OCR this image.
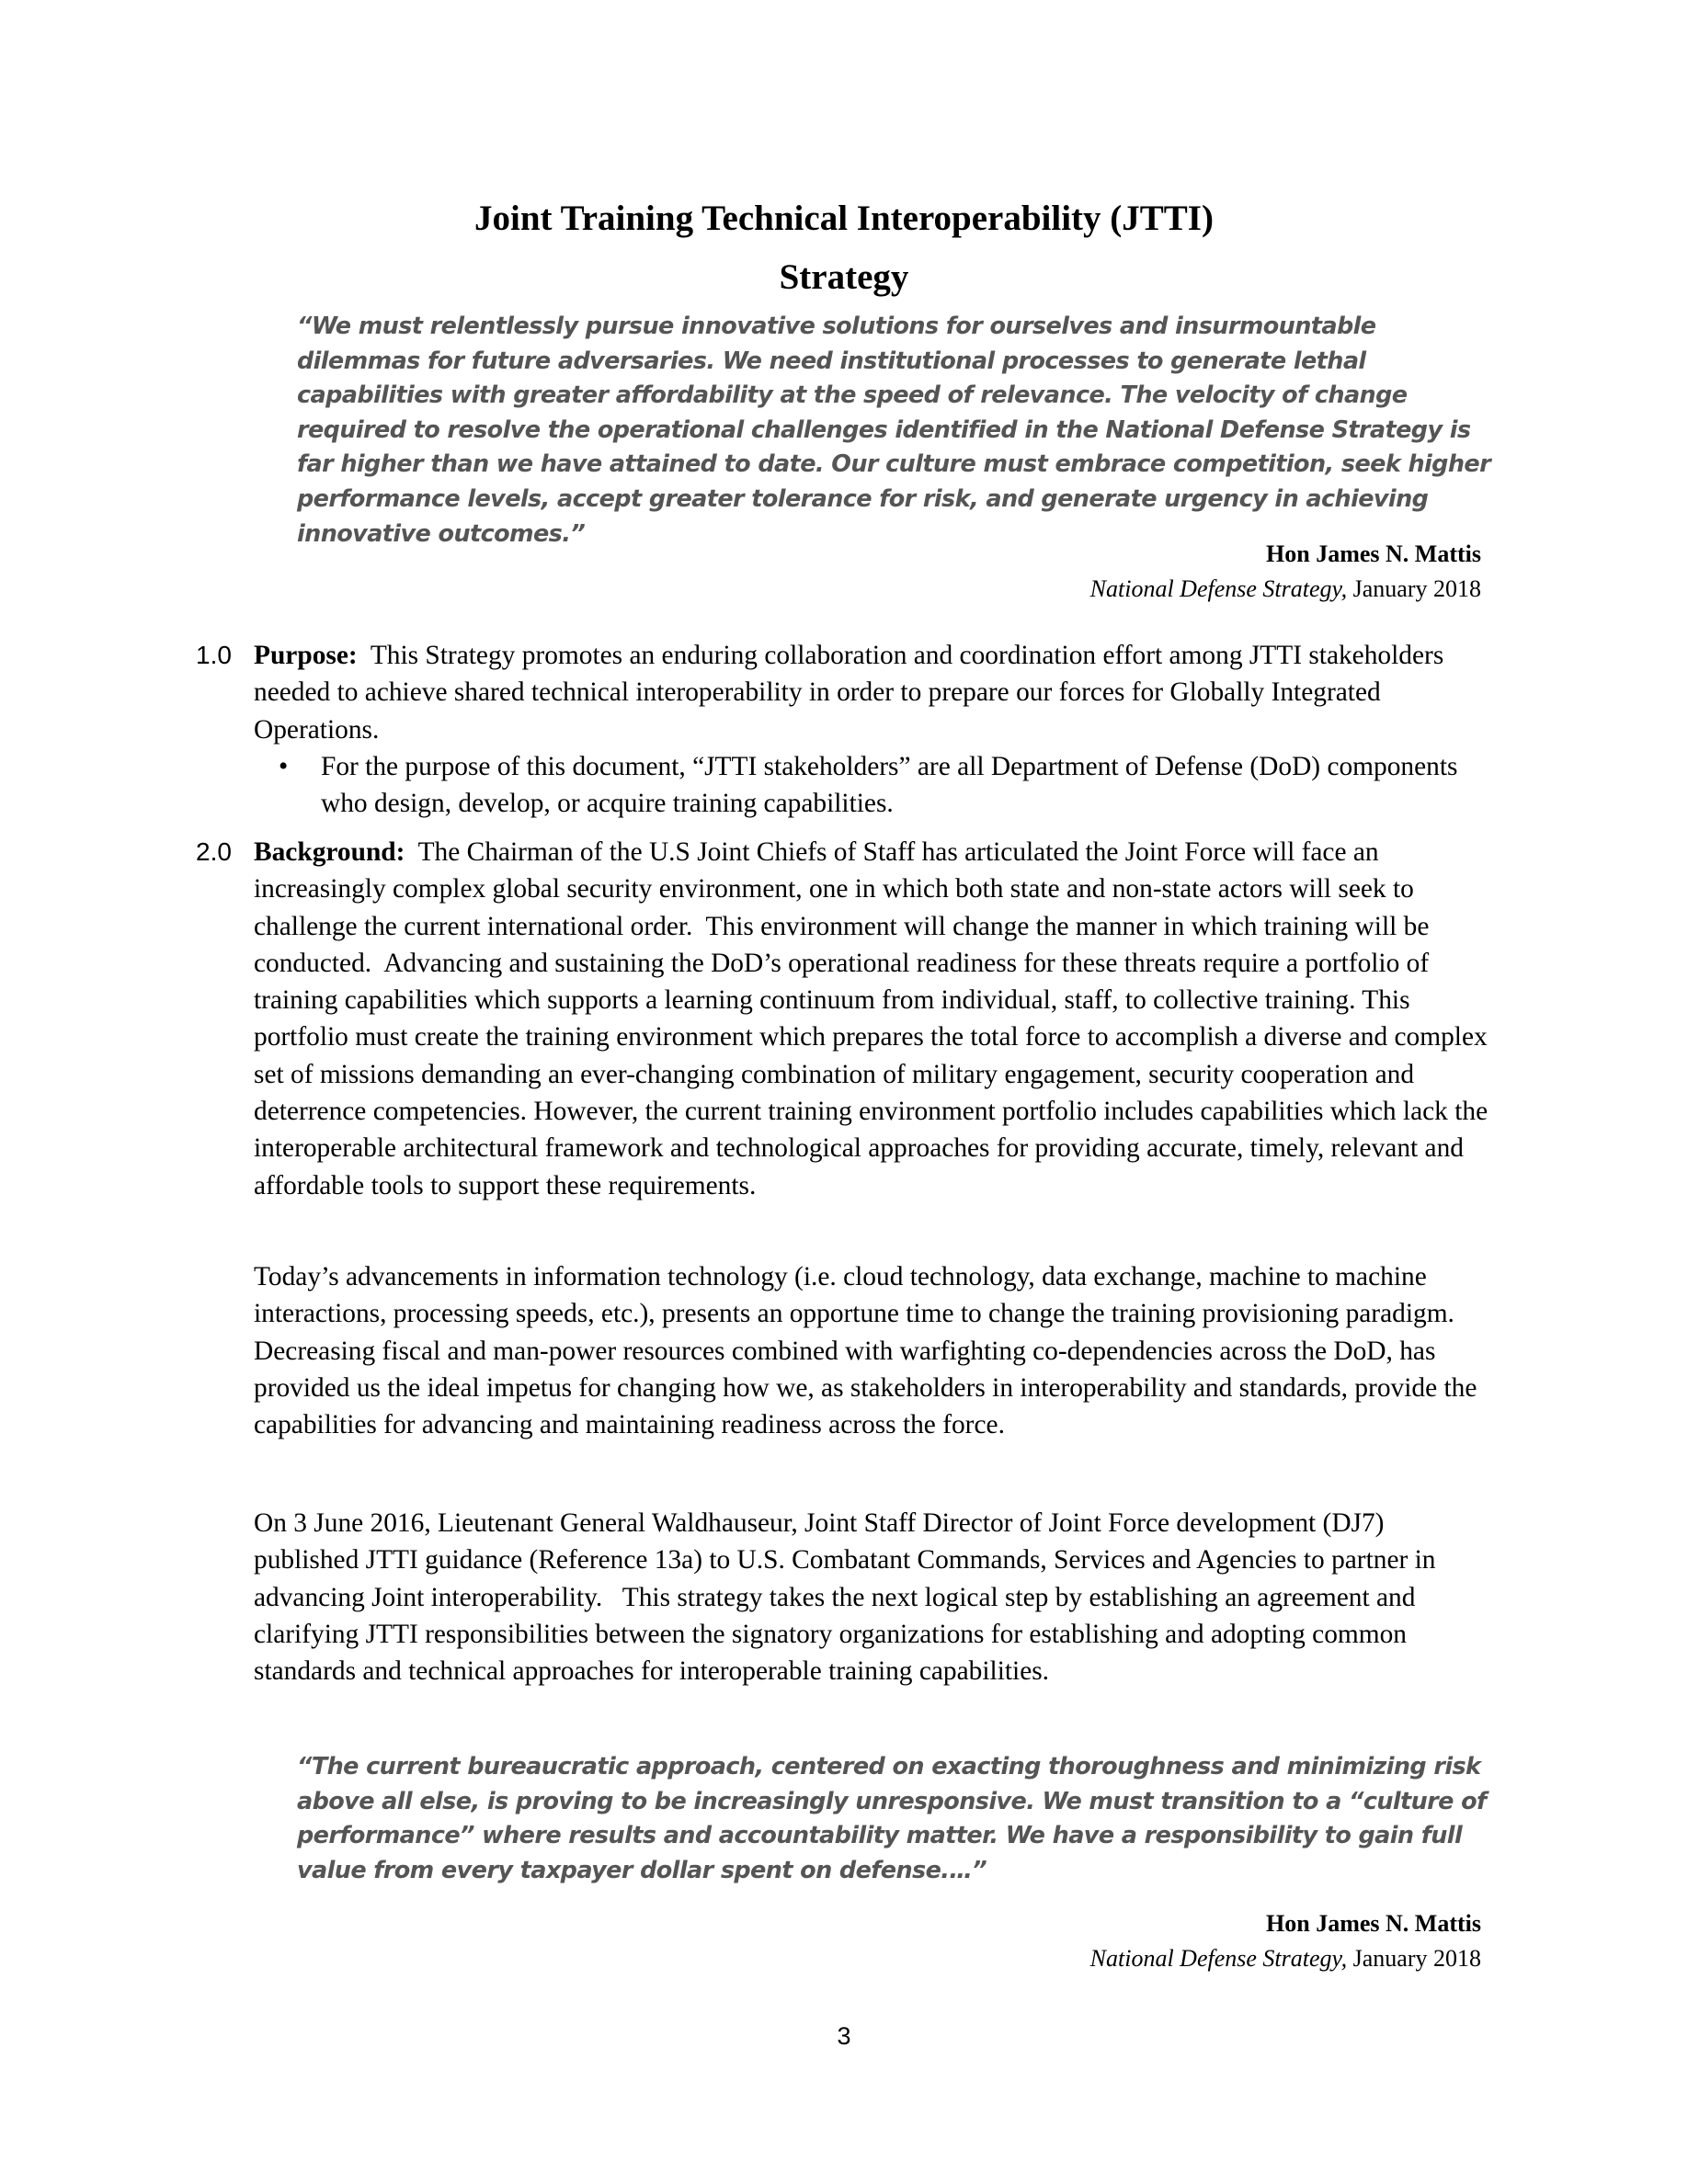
Joint Training Technical Interoperability (JTTI)
Strategy

“We must relentlessly pursue innovative solutions for ourselves and insurmountable dilemmas for future adversaries. We need institutional processes to generate lethal capabilities with greater affordability at the speed of relevance. The velocity of change required to resolve the operational challenges identified in the National Defense Strategy is far higher than we have attained to date. Our culture must embrace competition, seek higher performance levels, accept greater tolerance for risk, and generate urgency in achieving innovative outcomes.”

Hon James N. Mattis
National Defense Strategy, January 2018
1.0 Purpose:  This Strategy promotes an enduring collaboration and coordination effort among JTTI stakeholders needed to achieve shared technical interoperability in order to prepare our forces for Globally Integrated Operations.

• For the purpose of this document, “JTTI stakeholders” are all Department of Defense (DoD) components who design, develop, or acquire training capabilities.

2.0 Background:  The Chairman of the U.S Joint Chiefs of Staff has articulated the Joint Force will face an increasingly complex global security environment, one in which both state and non-state actors will seek to challenge the current international order.  This environment will change the manner in which training will be conducted.  Advancing and sustaining the DoD’s operational readiness for these threats require a portfolio of training capabilities which supports a learning continuum from individual, staff, to collective training. This portfolio must create the training environment which prepares the total force to accomplish a diverse and complex set of missions demanding an ever-changing combination of military engagement, security cooperation and deterrence competencies. However, the current training environment portfolio includes capabilities which lack the interoperable architectural framework and technological approaches for providing accurate, timely, relevant and affordable tools to support these requirements.

Today’s advancements in information technology (i.e. cloud technology, data exchange, machine to machine interactions, processing speeds, etc.), presents an opportune time to change the training provisioning paradigm. Decreasing fiscal and man-power resources combined with warfighting co-dependencies across the DoD, has provided us the ideal impetus for changing how we, as stakeholders in interoperability and standards, provide the capabilities for advancing and maintaining readiness across the force.

On 3 June 2016, Lieutenant General Waldhauseur, Joint Staff Director of Joint Force development (DJ7) published JTTI guidance (Reference 13a) to U.S. Combatant Commands, Services and Agencies to partner in advancing Joint interoperability.   This strategy takes the next logical step by establishing an agreement and clarifying JTTI responsibilities between the signatory organizations for establishing and adopting common standards and technical approaches for interoperable training capabilities.

“The current bureaucratic approach, centered on exacting thoroughness and minimizing risk above all else, is proving to be increasingly unresponsive. We must transition to a “culture of performance” where results and accountability matter. We have a responsibility to gain full value from every taxpayer dollar spent on defense.…”

Hon James N. Mattis
National Defense Strategy, January 2018
3
